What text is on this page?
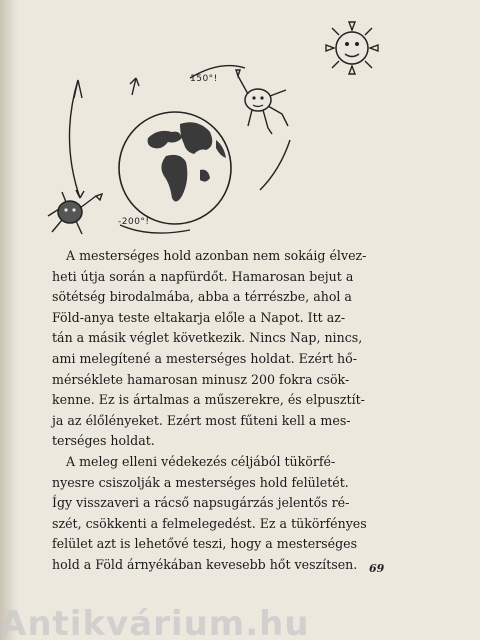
150°!
-200°!

A mesterséges hold azonban nem sokáig élvez-
heti útja során a napfürdőt. Hamarosan bejut a
sötétség birodalmába, abba a térrészbe, ahol a
Föld-anya teste eltakarja előle a Napot. Itt az-
tán a másik véglet következik. Nincs Nap, nincs,
ami melegítené a mesterséges holdat. Ezért hő-
mérséklete hamarosan minusz 200 fokra csök-
kenne. Ez is ártalmas a műszerekre, és elpusztít-
ja az élőlényeket. Ezért most fűteni kell a mes-
terséges holdat.

A meleg elleni védekezés céljából tükörfé-
nyesre csiszolják a mesterséges hold felületét.
Így visszaveri a rácső napsugárzás jelentős ré-
szét, csökkenti a felmelegedést. Ez a tükörfényes
felület azt is lehetővé teszi, hogy a mesterséges
hold a Föld árnyékában kevesebb hőt veszítsen.	69
Antikvárium.hu
